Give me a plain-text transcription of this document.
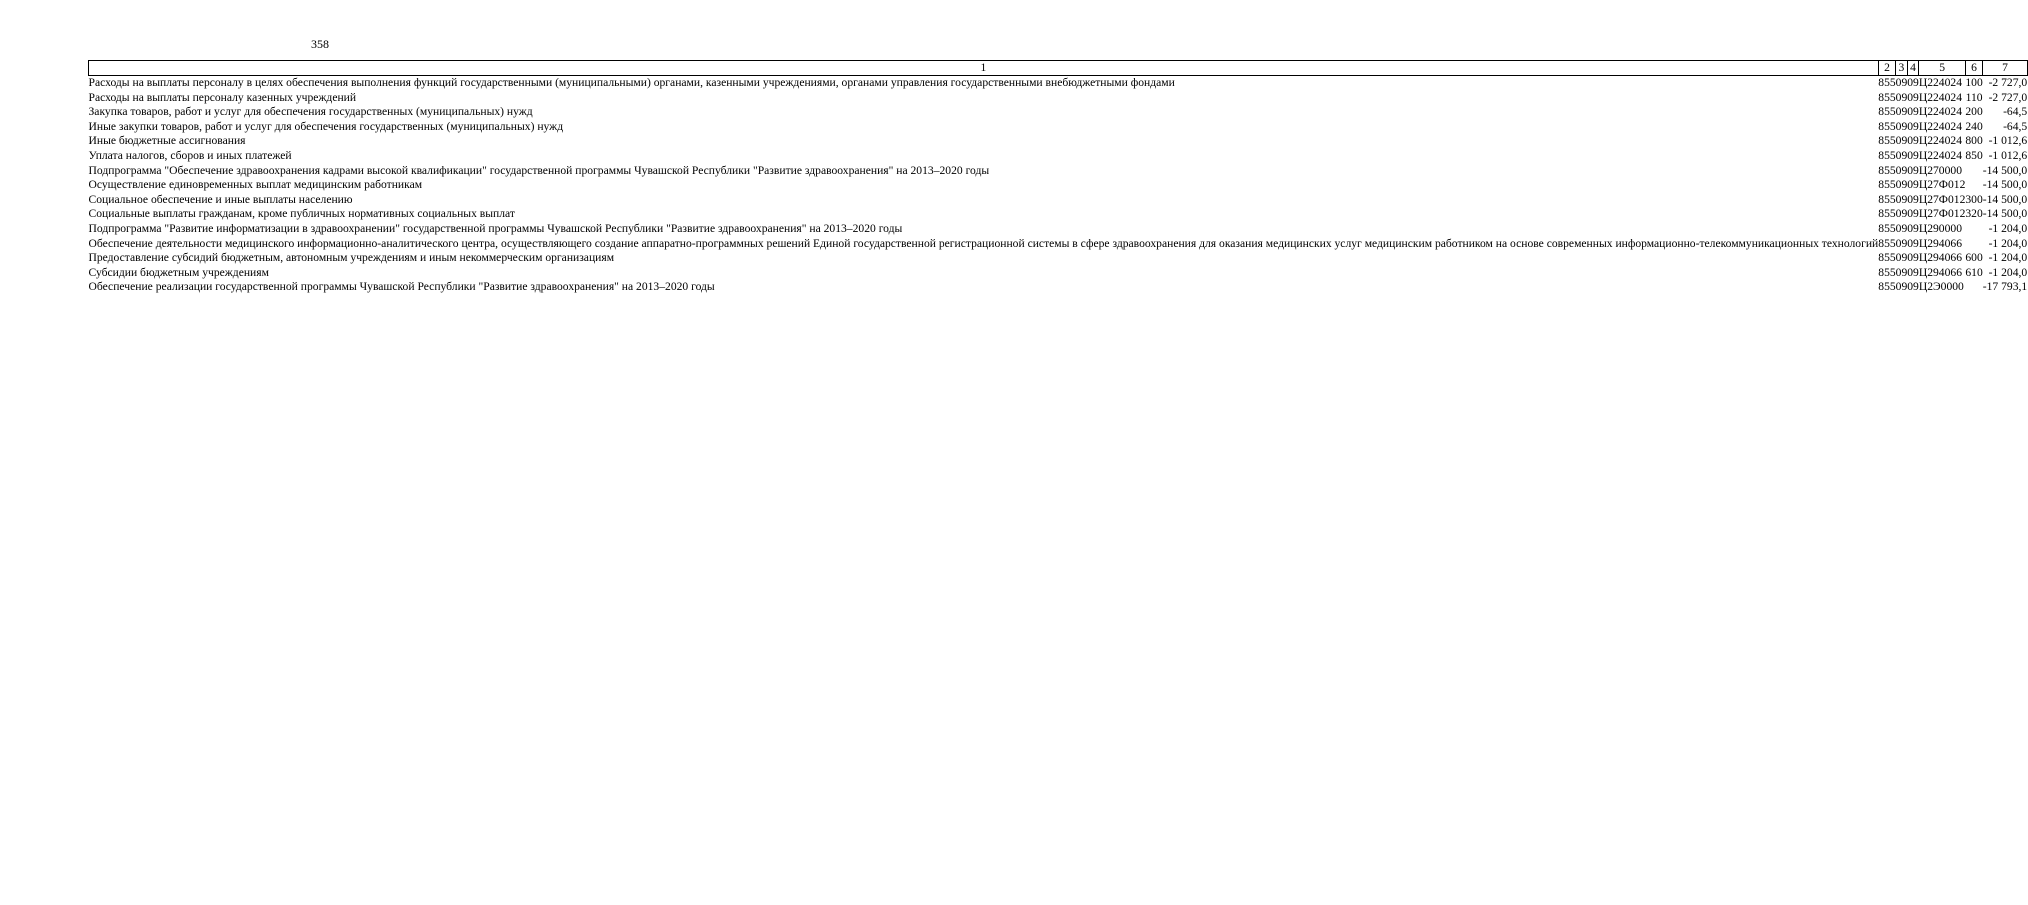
358
1	2	3	4	5	6	7
Расходы на выплаты персоналу в целях обеспечения выполнения функций государственными (муниципальными) органами, казенными учреждениями, органами управления государственными внебюджетными фондами	855	09	09	Ц224024	100	-2 727,0
Расходы на выплаты персоналу казенных учреждений	855	09	09	Ц224024	110	-2 727,0
Закупка товаров, работ и услуг для обеспечения государственных (муниципальных) нужд	855	09	09	Ц224024	200	-64,5
Иные закупки товаров, работ и услуг для обеспечения государственных (муниципальных) нужд	855	09	09	Ц224024	240	-64,5
Иные бюджетные ассигнования	855	09	09	Ц224024	800	-1 012,6
Уплата налогов, сборов и иных платежей	855	09	09	Ц224024	850	-1 012,6
Подпрограмма "Обеспечение здравоохранения кадрами высокой квалификации" государственной программы Чувашской Республики "Развитие здравоохранения" на 2013–2020 годы	855	09	09	Ц270000		-14 500,0
Осуществление единовременных выплат медицинским работникам	855	09	09	Ц27Ф012		-14 500,0
Социальное обеспечение и иные выплаты населению	855	09	09	Ц27Ф012	300	-14 500,0
Социальные выплаты гражданам, кроме публичных нормативных социальных выплат	855	09	09	Ц27Ф012	320	-14 500,0
Подпрограмма "Развитие информатизации в здравоохранении" государственной программы Чувашской Республики "Развитие здравоохранения" на 2013–2020 годы	855	09	09	Ц290000		-1 204,0
Обеспечение деятельности медицинского информационно-аналитического центра, осуществляющего создание аппаратно-программных решений Единой государственной регистрационной системы в сфере здравоохранения для оказания медицинских услуг медицинским работником на основе современных информационно-телекоммуникационных технологий	855	09	09	Ц294066		-1 204,0
Предоставление субсидий бюджетным, автономным учреждениям и иным некоммерческим организациям	855	09	09	Ц294066	600	-1 204,0
Субсидии бюджетным учреждениям	855	09	09	Ц294066	610	-1 204,0
Обеспечение реализации государственной программы Чувашской Республики "Развитие здравоохранения" на 2013–2020 годы	855	09	09	Ц2Э0000		-17 793,1
